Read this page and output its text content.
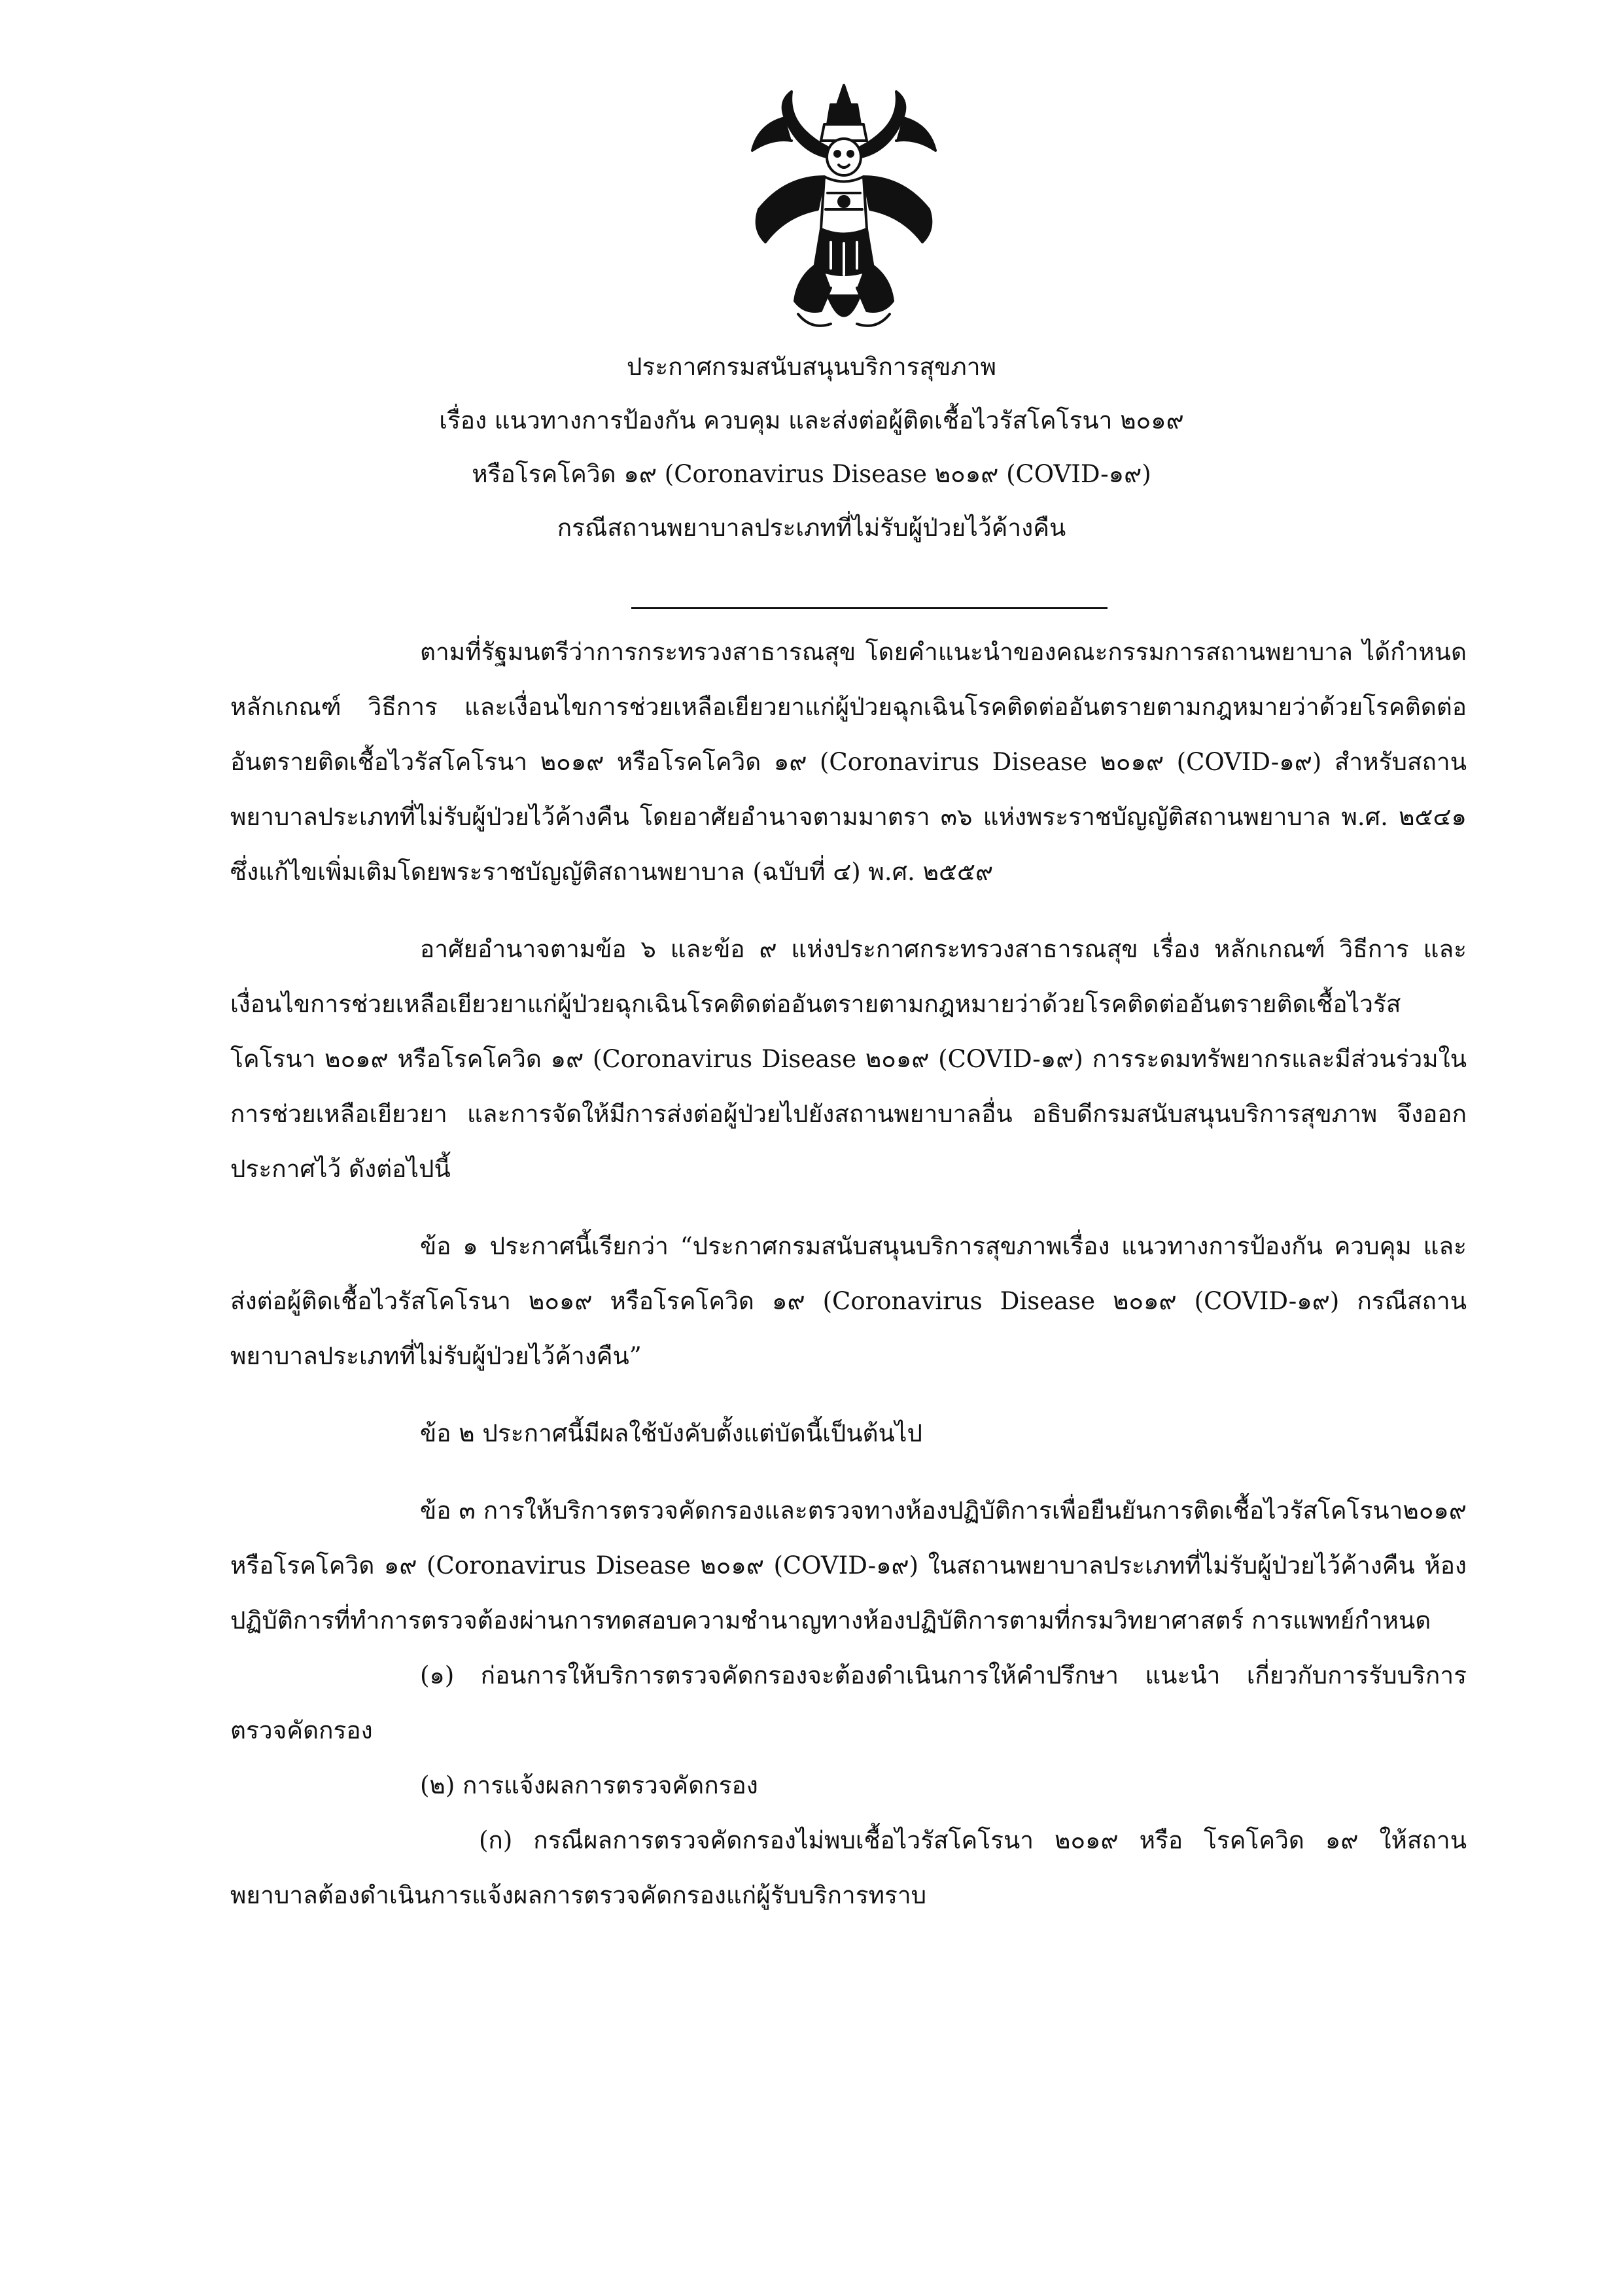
ประกาศกรมสนับสนุนบริการสุขภาพ
เรื่อง แนวทางการป้องกัน ควบคุม และส่งต่อผู้ติดเชื้อไวรัสโคโรนา ๒๐๑๙
หรือโรคโควิด ๑๙ (Coronavirus Disease ๒๐๑๙ (COVID-๑๙)
กรณีสถานพยาบาลประเภทที่ไม่รับผู้ป่วยไว้ค้างคืน

ตามที่รัฐมนตรีว่าการกระทรวงสาธารณสุข โดยคำแนะนำของคณะกรรมการสถานพยาบาล ได้กำหนดหลักเกณฑ์ วิธีการ และเงื่อนไขการช่วยเหลือเยียวยาแก่ผู้ป่วยฉุกเฉินโรคติดต่ออันตรายตามกฎหมายว่าด้วยโรคติดต่ออันตรายติดเชื้อไวรัสโคโรนา ๒๐๑๙ หรือโรคโควิด ๑๙ (Coronavirus Disease ๒๐๑๙ (COVID-๑๙) สำหรับสถานพยาบาลประเภทที่ไม่รับผู้ป่วยไว้ค้างคืน โดยอาศัยอำนาจตามมาตรา ๓๖ แห่งพระราชบัญญัติสถานพยาบาล พ.ศ. ๒๕๔๑ ซึ่งแก้ไขเพิ่มเติมโดยพระราชบัญญัติสถานพยาบาล (ฉบับที่ ๔) พ.ศ. ๒๕๕๙

อาศัยอำนาจตามข้อ ๖ และข้อ ๙ แห่งประกาศกระทรวงสาธารณสุข เรื่อง หลักเกณฑ์ วิธีการ และเงื่อนไขการช่วยเหลือเยียวยาแก่ผู้ป่วยฉุกเฉินโรคติดต่ออันตรายตามกฎหมายว่าด้วยโรคติดต่ออันตรายติดเชื้อไวรัสโคโรนา ๒๐๑๙ หรือโรคโควิด ๑๙ (Coronavirus Disease ๒๐๑๙ (COVID-๑๙) การระดมทรัพยากรและมีส่วนร่วมในการช่วยเหลือเยียวยา และการจัดให้มีการส่งต่อผู้ป่วยไปยังสถานพยาบาลอื่น อธิบดีกรมสนับสนุนบริการสุขภาพ จึงออกประกาศไว้ ดังต่อไปนี้

ข้อ ๑ ประกาศนี้เรียกว่า “ประกาศกรมสนับสนุนบริการสุขภาพเรื่อง แนวทางการป้องกัน ควบคุม และส่งต่อผู้ติดเชื้อไวรัสโคโรนา ๒๐๑๙ หรือโรคโควิด ๑๙ (Coronavirus Disease ๒๐๑๙ (COVID-๑๙) กรณีสถานพยาบาลประเภทที่ไม่รับผู้ป่วยไว้ค้างคืน”

ข้อ ๒ ประกาศนี้มีผลใช้บังคับตั้งแต่บัดนี้เป็นต้นไป

ข้อ ๓ การให้บริการตรวจคัดกรองและตรวจทางห้องปฏิบัติการเพื่อยืนยันการติดเชื้อไวรัสโคโรนา๒๐๑๙ หรือโรคโควิด ๑๙ (Coronavirus Disease ๒๐๑๙ (COVID-๑๙) ในสถานพยาบาลประเภทที่ไม่รับผู้ป่วยไว้ค้างคืน ห้องปฏิบัติการที่ทำการตรวจต้องผ่านการทดสอบความชำนาญทางห้องปฏิบัติการตามที่กรมวิทยาศาสตร์ การแพทย์กำหนด

(๑) ก่อนการให้บริการตรวจคัดกรองจะต้องดำเนินการให้คำปรึกษา แนะนำ เกี่ยวกับการรับบริการตรวจคัดกรอง

(๒) การแจ้งผลการตรวจคัดกรอง

(ก) กรณีผลการตรวจคัดกรองไม่พบเชื้อไวรัสโคโรนา ๒๐๑๙ หรือ โรคโควิด ๑๙ ให้สถานพยาบาลต้องดำเนินการแจ้งผลการตรวจคัดกรองแก่ผู้รับบริการทราบ
